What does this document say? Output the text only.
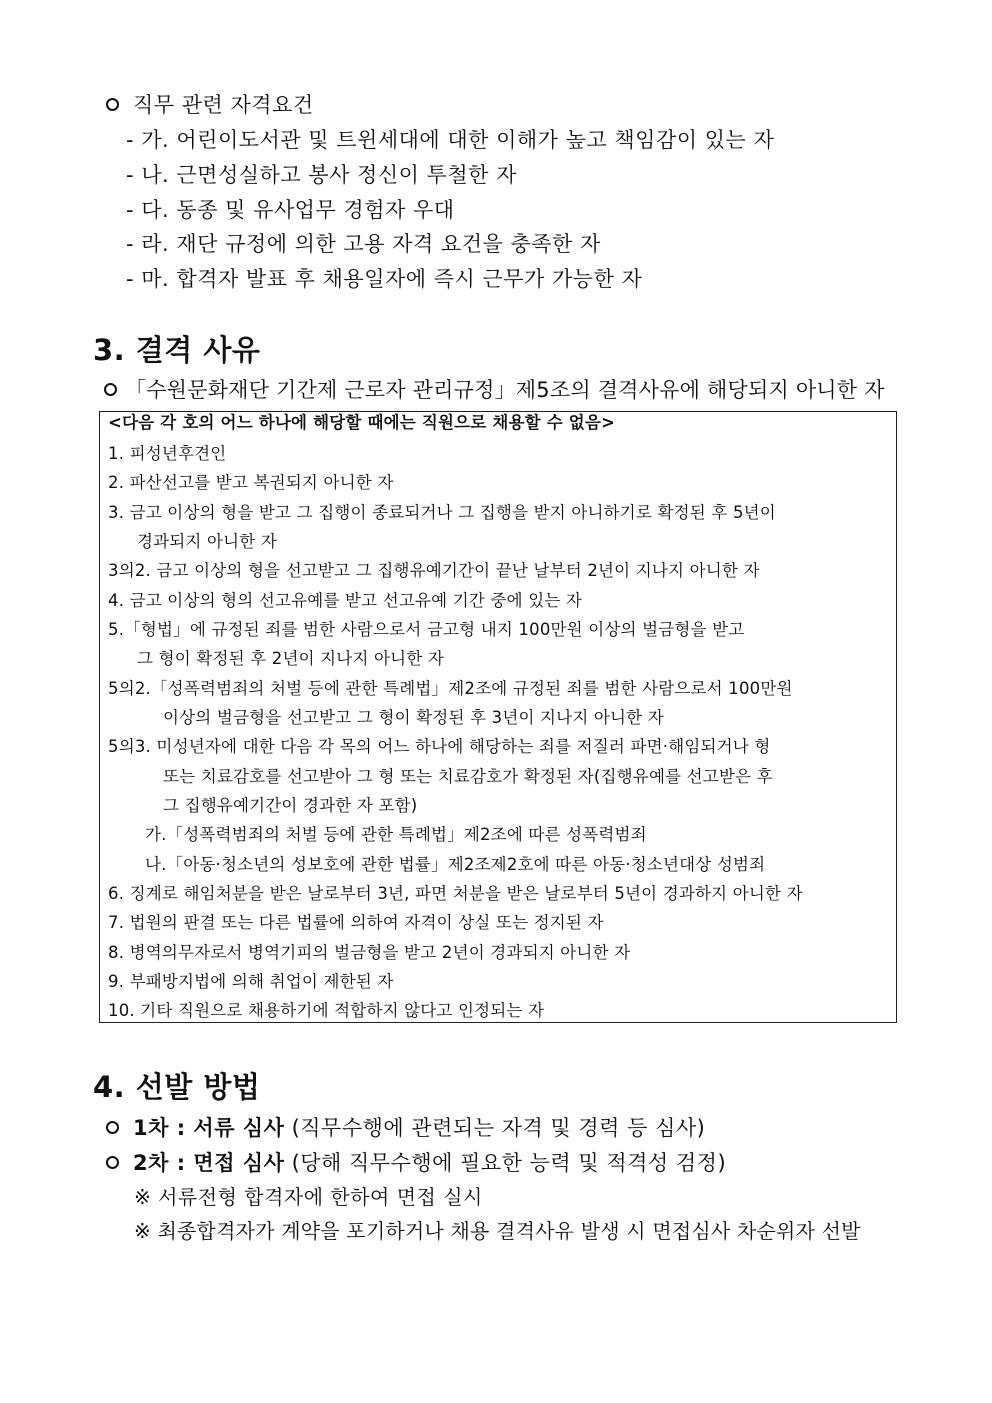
직무 관련 자격요건
- 가. 어린이도서관 및 트윈세대에 대한 이해가 높고 책임감이 있는 자
- 나. 근면성실하고 봉사 정신이 투철한 자
- 다. 동종 및 유사업무 경험자 우대
- 라. 재단 규정에 의한 고용 자격 요건을 충족한 자
- 마. 합격자 발표 후 채용일자에 즉시 근무가 가능한 자
3. 결격 사유
「수원문화재단 기간제 근로자 관리규정」제5조의 결격사유에 해당되지 아니한 자
<다음 각 호의 어느 하나에 해당할 때에는 직원으로 채용할 수 없음>
1. 피성년후견인
2. 파산선고를 받고 복권되지 아니한 자
3. 금고 이상의 형을 받고 그 집행이 종료되거나 그 집행을 받지 아니하기로 확정된 후 5년이
경과되지 아니한 자
3의2. 금고 이상의 형을 선고받고 그 집행유예기간이 끝난 날부터 2년이 지나지 아니한 자
4. 금고 이상의 형의 선고유예를 받고 선고유예 기간 중에 있는 자
5.「형법」에 규정된 죄를 범한 사람으로서 금고형 내지 100만원 이상의 벌금형을 받고
그 형이 확정된 후 2년이 지나지 아니한 자
5의2.「성폭력범죄의 처벌 등에 관한 특례법」제2조에 규정된 죄를 범한 사람으로서 100만원
이상의 벌금형을 선고받고 그 형이 확정된 후 3년이 지나지 아니한 자
5의3. 미성년자에 대한 다음 각 목의 어느 하나에 해당하는 죄를 저질러 파면·해임되거나 형
또는 치료감호를 선고받아 그 형 또는 치료감호가 확정된 자(집행유예를 선고받은 후
그 집행유예기간이 경과한 자 포함)
가.「성폭력범죄의 처벌 등에 관한 특례법」제2조에 따른 성폭력범죄
나.「아동·청소년의 성보호에 관한 법률」제2조제2호에 따른 아동·청소년대상 성범죄
6. 징계로 해임처분을 받은 날로부터 3년, 파면 처분을 받은 날로부터 5년이 경과하지 아니한 자
7. 법원의 판결 또는 다른 법률에 의하여 자격이 상실 또는 정지된 자
8. 병역의무자로서 병역기피의 벌금형을 받고 2년이 경과되지 아니한 자
9. 부패방지법에 의해 취업이 제한된 자
10. 기타 직원으로 채용하기에 적합하지 않다고 인정되는 자
4. 선발 방법
1차 : 서류 심사 (직무수행에 관련되는 자격 및 경력 등 심사)
2차 : 면접 심사 (당해 직무수행에 필요한 능력 및 적격성 검정)
※ 서류전형 합격자에 한하여 면접 실시
※ 최종합격자가 계약을 포기하거나 채용 결격사유 발생 시 면접심사 차순위자 선발
